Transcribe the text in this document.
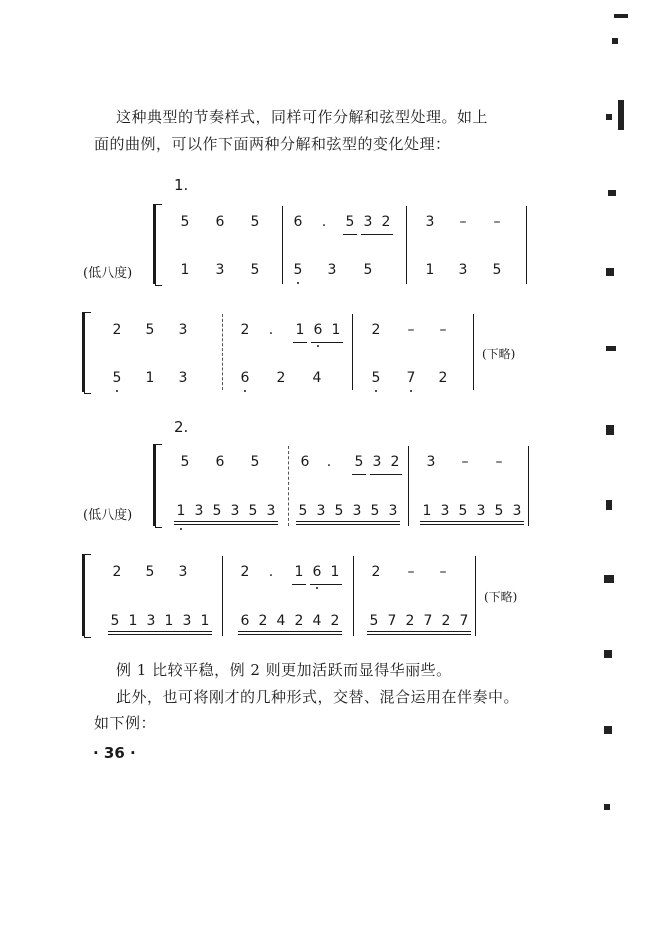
这种典型的节奏样式，同样可作分解和弦型处理。如上
面的曲例，可以作下面两种分解和弦型的变化处理：
1.
(低八度)
5 6 5 6	.	5 3 2	3 – –
1 3 5 5 3 5	1 3 5
(下略)
2 5 3	2	.	1 6 1 2 – –
5 1 3	6 2 4	5 7 2
2.
(低八度)
5 6 5	6	.	5 3 2 3 – –
1 3 5 3 5 3 5 3 5 3 5 3 1 3 5 3 5 3
(下略)
2 5 3	2	.	1 6 1 2 – –
5 1 3 1 3 1 6 2 4 2 4 2 5 7 2 7 2 7
例 1 比较平稳，例 2 则更加活跃而显得华丽些。
此外，也可将刚才的几种形式，交替、混合运用在伴奏中。
如下例：
· 36 ·
